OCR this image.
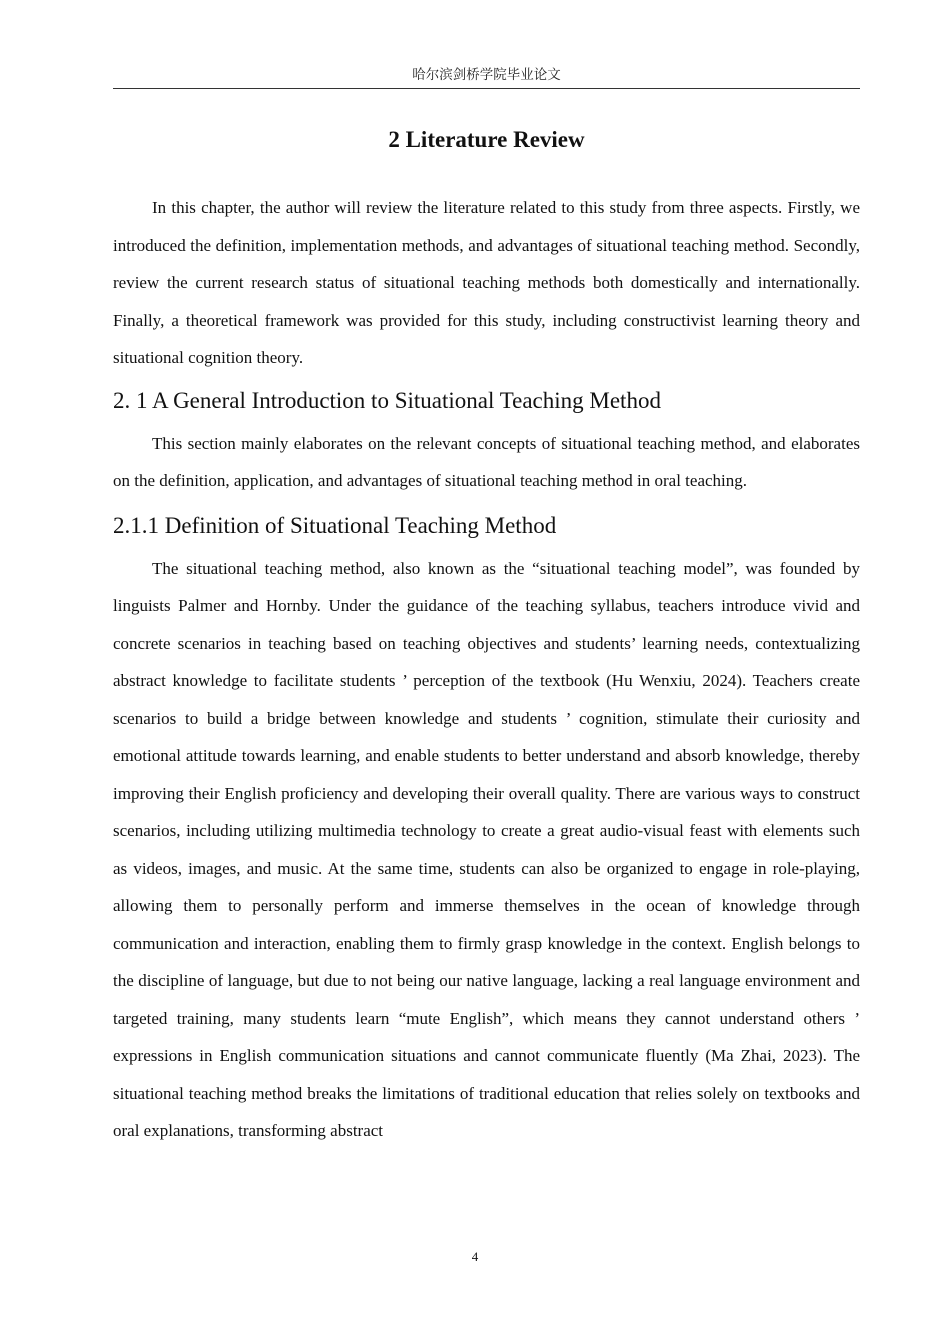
哈尔滨剑桥学院毕业论文
2 Literature Review

In this chapter, the author will review the literature related to this study from three aspects. Firstly, we introduced the definition, implementation methods, and advantages of situational teaching method. Secondly, review the current research status of situational teaching methods both domestically and internationally. Finally, a theoretical framework was provided for this study, including constructivist learning theory and situational cognition theory.

2. 1 A General Introduction to Situational Teaching Method

This section mainly elaborates on the relevant concepts of situational teaching method, and elaborates on the definition, application, and advantages of situational teaching method in oral teaching.

2.1.1 Definition of Situational Teaching Method

The situational teaching method, also known as the “situational teaching model”, was founded by linguists Palmer and Hornby. Under the guidance of the teaching syllabus, teachers introduce vivid and concrete scenarios in teaching based on teaching objectives and students’ learning needs, contextualizing abstract knowledge to facilitate students ’ perception of the textbook (Hu Wenxiu, 2024). Teachers create scenarios to build a bridge between knowledge and students ’ cognition, stimulate their curiosity and emotional attitude towards learning, and enable students to better understand and absorb knowledge, thereby improving their English proficiency and developing their overall quality. There are various ways to construct scenarios, including utilizing multimedia technology to create a great audio-visual feast with elements such as videos, images, and music. At the same time, students can also be organized to engage in role-playing, allowing them to personally perform and immerse themselves in the ocean of knowledge through communication and interaction, enabling them to firmly grasp knowledge in the context. English belongs to the discipline of language, but due to not being our native language, lacking a real language environment and targeted training, many students learn “mute English”, which means they cannot understand others ’ expressions in English communication situations and cannot communicate fluently (Ma Zhai, 2023). The situational teaching method breaks the limitations of traditional education that relies solely on textbooks and oral explanations, transforming abstract

4
